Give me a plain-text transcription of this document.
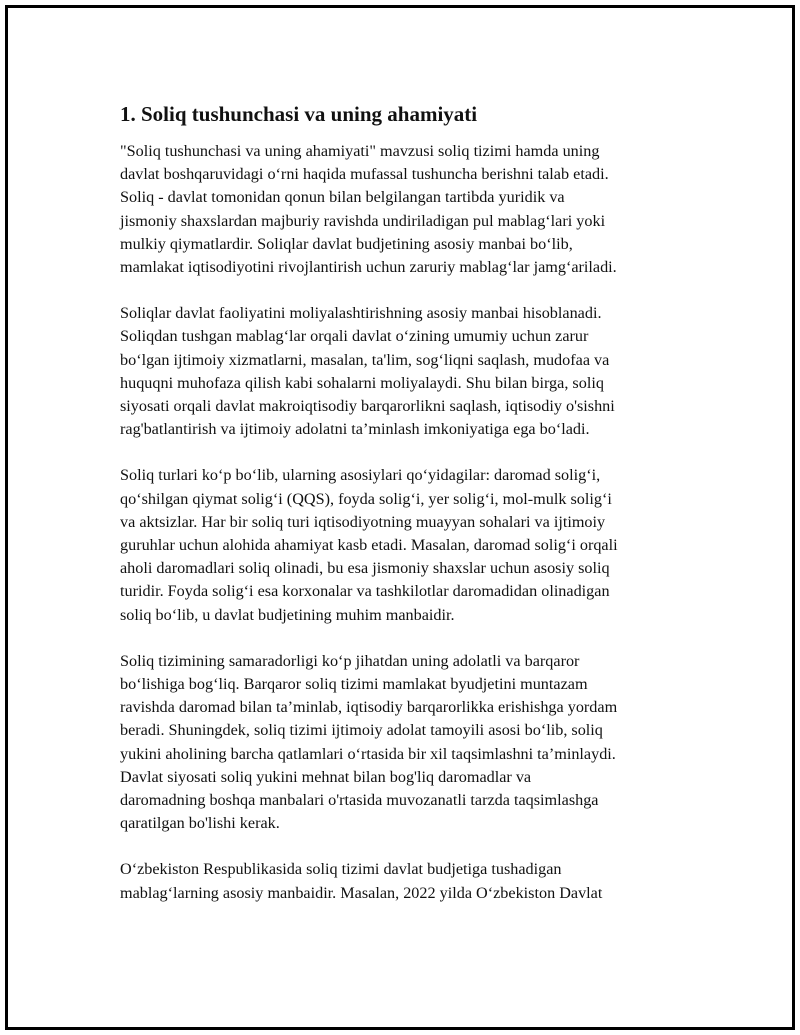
1. Soliq tushunchasi va uning ahamiyati
"Soliq tushunchasi va uning ahamiyati" mavzusi soliq tizimi hamda uning
davlat boshqaruvidagi o‘rni haqida mufassal tushuncha berishni talab etadi.
Soliq - davlat tomonidan qonun bilan belgilangan tartibda yuridik va
jismoniy shaxslardan majburiy ravishda undiriladigan pul mablag‘lari yoki
mulkiy qiymatlardir. Soliqlar davlat budjetining asosiy manbai bo‘lib,
mamlakat iqtisodiyotini rivojlantirish uchun zaruriy mablag‘lar jamg‘ariladi.
Soliqlar davlat faoliyatini moliyalashtirishning asosiy manbai hisoblanadi.
Soliqdan tushgan mablag‘lar orqali davlat o‘zining umumiy uchun zarur
bo‘lgan ijtimoiy xizmatlarni, masalan, ta'lim, sog‘liqni saqlash, mudofaa va
huquqni muhofaza qilish kabi sohalarni moliyalaydi. Shu bilan birga, soliq
siyosati orqali davlat makroiqtisodiy barqarorlikni saqlash, iqtisodiy o'sishni
rag'batlantirish va ijtimoiy adolatni ta’minlash imkoniyatiga ega bo‘ladi.
Soliq turlari ko‘p bo‘lib, ularning asosiylari qo‘yidagilar: daromad solig‘i,
qo‘shilgan qiymat solig‘i (QQS), foyda solig‘i, yer solig‘i, mol-mulk solig‘i
va aktsizlar. Har bir soliq turi iqtisodiyotning muayyan sohalari va ijtimoiy
guruhlar uchun alohida ahamiyat kasb etadi. Masalan, daromad solig‘i orqali
aholi daromadlari soliq olinadi, bu esa jismoniy shaxslar uchun asosiy soliq
turidir. Foyda solig‘i esa korxonalar va tashkilotlar daromadidan olinadigan
soliq bo‘lib, u davlat budjetining muhim manbaidir.
Soliq tizimining samaradorligi ko‘p jihatdan uning adolatli va barqaror
bo‘lishiga bog‘liq. Barqaror soliq tizimi mamlakat byudjetini muntazam
ravishda daromad bilan ta’minlab, iqtisodiy barqarorlikka erishishga yordam
beradi. Shuningdek, soliq tizimi ijtimoiy adolat tamoyili asosi bo‘lib, soliq
yukini aholining barcha qatlamlari o‘rtasida bir xil taqsimlashni ta’minlaydi.
Davlat siyosati soliq yukini mehnat bilan bog'liq daromadlar va
daromadning boshqa manbalari o'rtasida muvozanatli tarzda taqsimlashga
qaratilgan bo'lishi kerak.
O‘zbekiston Respublikasida soliq tizimi davlat budjetiga tushadigan
mablag‘larning asosiy manbaidir. Masalan, 2022 yilda O‘zbekiston Davlat
